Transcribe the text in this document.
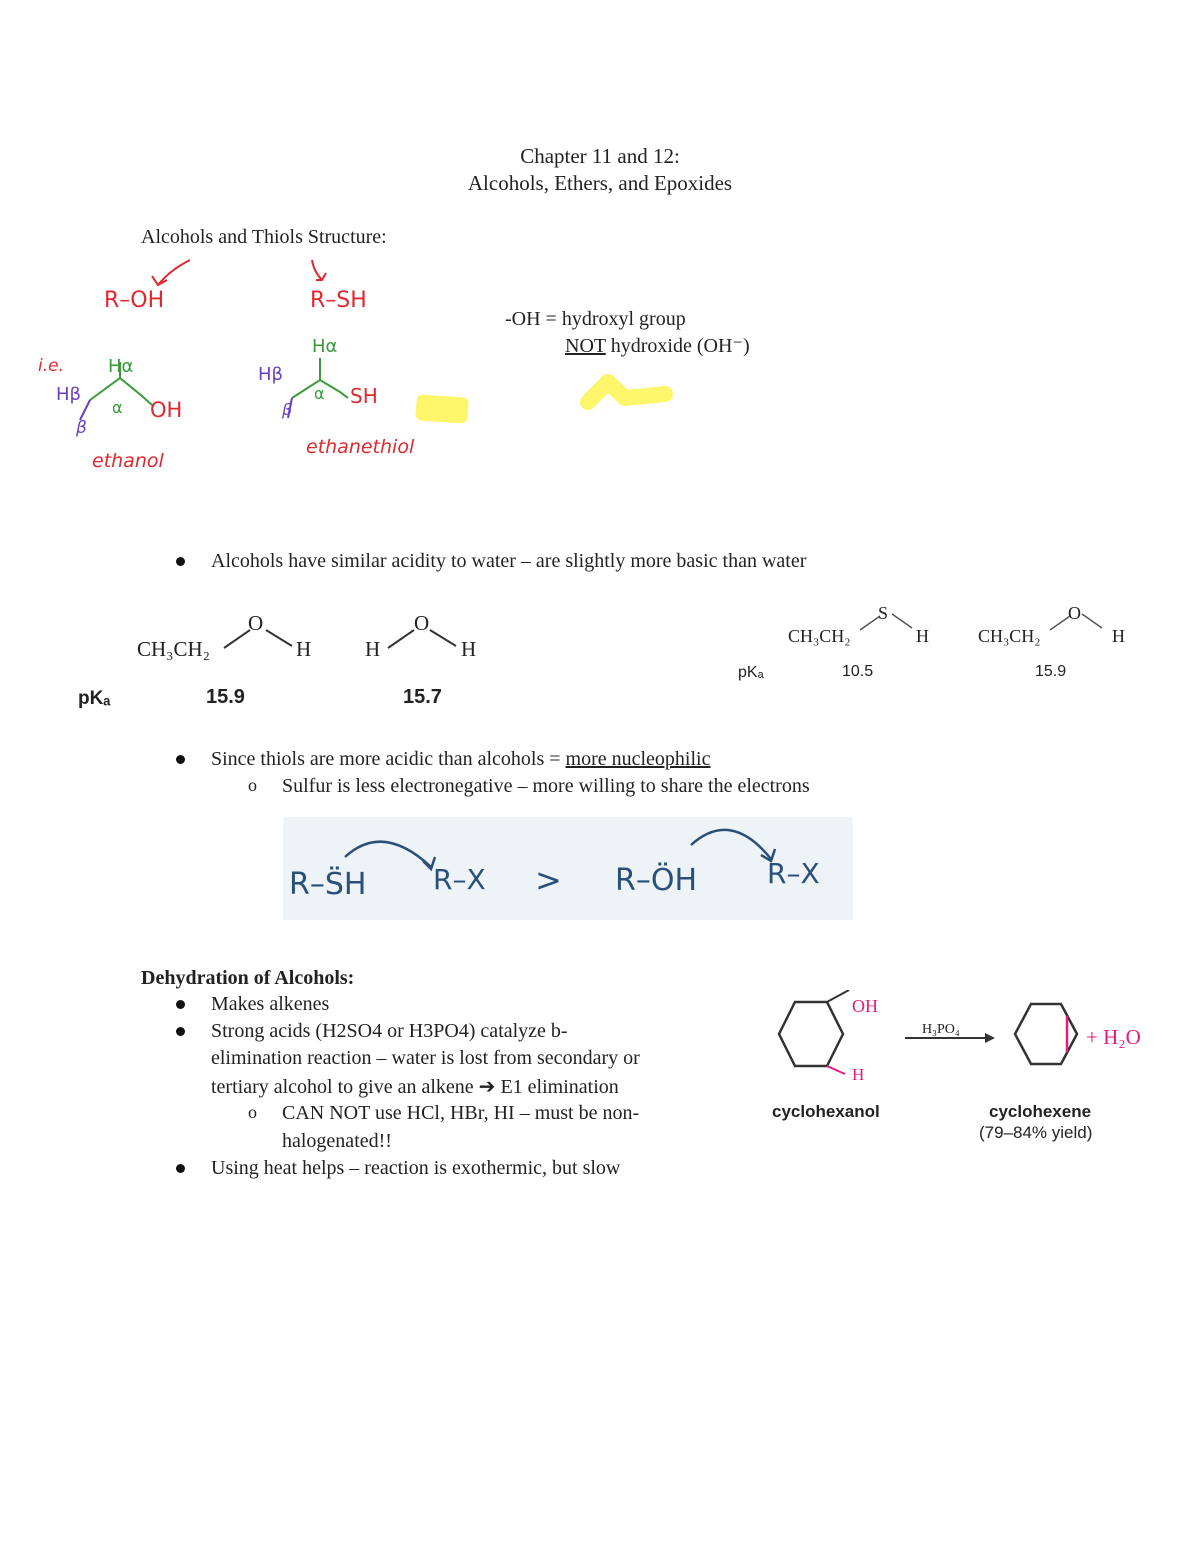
Chapter 11 and 12:
Alcohols, Ethers, and Epoxides
Alcohols and Thiols Structure:
R–OH	R–SH
i.e. Hα
Hβ
α OH
β
ethanol
Hα
Hβ
α SH
β
ethanethiol
-OH = hydroxyl group
NOT hydroxide (OH⁻)
Alcohols have similar acidity to water – are slightly more basic than water
CH₃CH₂
O
H	H
O
H
pKₐ	15.9	15.7
CH₃CH₂
S
H	CH₃CH₂
O
H
pKₐ	10.5	15.9
Since thiols are more acidic than alcohols = more nucleophilic
o Sulfur is less electronegative – more willing to share the electrons
R–S̈H R–X > R–ÖH R–X
Dehydration of Alcohols:
Makes alkenes
Strong acids (H2SO4 or H3PO4) catalyze b-
elimination reaction – water is lost from secondary or
tertiary alcohol to give an alkene ➔ E1 elimination
o CAN NOT use HCl, HBr, HI – must be non-
halogenated!!
Using heat helps – reaction is exothermic, but slow
OH
H
H₃PO₄	+ H₂O
cyclohexanol	cyclohexene
(79–84% yield)
